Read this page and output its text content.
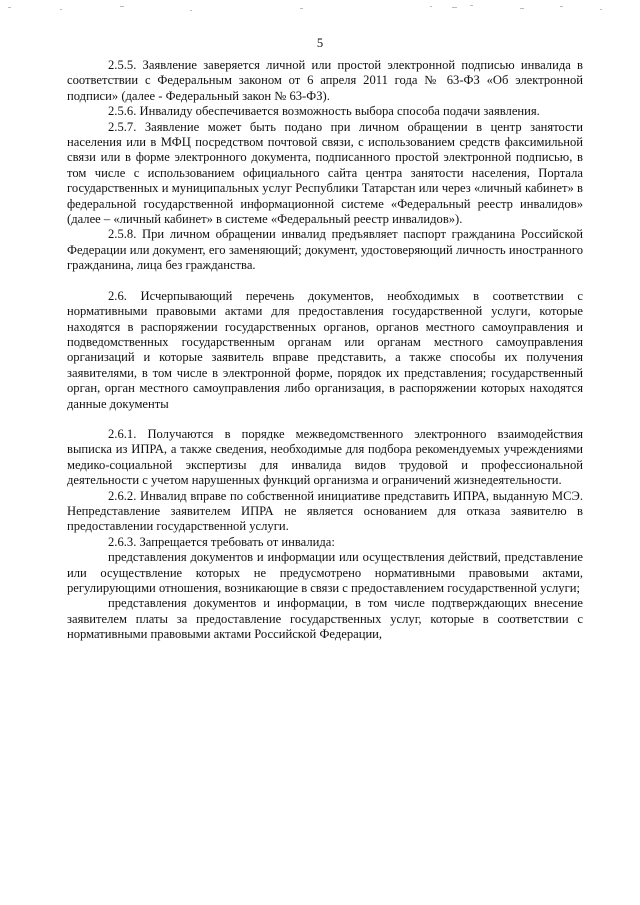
5

2.5.5. Заявление заверяется личной или простой электронной подписью инвалида в соответствии с Федеральным законом от 6 апреля 2011 года № 63-ФЗ «Об электронной подписи» (далее - Федеральный закон № 63-ФЗ).

2.5.6. Инвалиду обеспечивается возможность выбора способа подачи заявления.

2.5.7. Заявление может быть подано при личном обращении в центр занятости населения или в МФЦ посредством почтовой связи, с использованием средств факсимильной связи или в форме электронного документа, подписанного простой электронной подписью, в том числе с использованием официального сайта центра занятости населения, Портала государственных и муниципальных услуг Республики Татарстан или через «личный кабинет» в федеральной государственной информационной системе «Федеральный реестр инвалидов» (далее – «личный кабинет» в системе «Федеральный реестр инвалидов»).

2.5.8. При личном обращении инвалид предъявляет паспорт гражданина Российской Федерации или документ, его заменяющий; документ, удостоверяющий личность иностранного гражданина, лица без гражданства.

2.6. Исчерпывающий перечень документов, необходимых в соответствии с нормативными правовыми актами для предоставления государственной услуги, которые находятся в распоряжении государственных органов, органов местного самоуправления и подведомственных государственным органам или органам местного самоуправления организаций и которые заявитель вправе представить, а также способы их получения заявителями, в том числе в электронной форме, порядок их представления; государственный орган, орган местного самоуправления либо организация, в распоряжении которых находятся данные документы

2.6.1. Получаются в порядке межведомственного электронного взаимодействия выписка из ИПРА, а также сведения, необходимые для подбора рекомендуемых учреждениями медико-социальной экспертизы для инвалида видов трудовой и профессиональной деятельности с учетом нарушенных функций организма и ограничений жизнедеятельности.

2.6.2. Инвалид вправе по собственной инициативе представить ИПРА, выданную МСЭ. Непредставление заявителем ИПРА не является основанием для отказа заявителю в предоставлении государственной услуги.

2.6.3. Запрещается требовать от инвалида:

представления документов и информации или осуществления действий, представление или осуществление которых не предусмотрено нормативными правовыми актами, регулирующими отношения, возникающие в связи с предоставлением государственной услуги;

представления документов и информации, в том числе подтверждающих внесение заявителем платы за предоставление государственных услуг, которые в соответствии с нормативными правовыми актами Российской Федерации,
